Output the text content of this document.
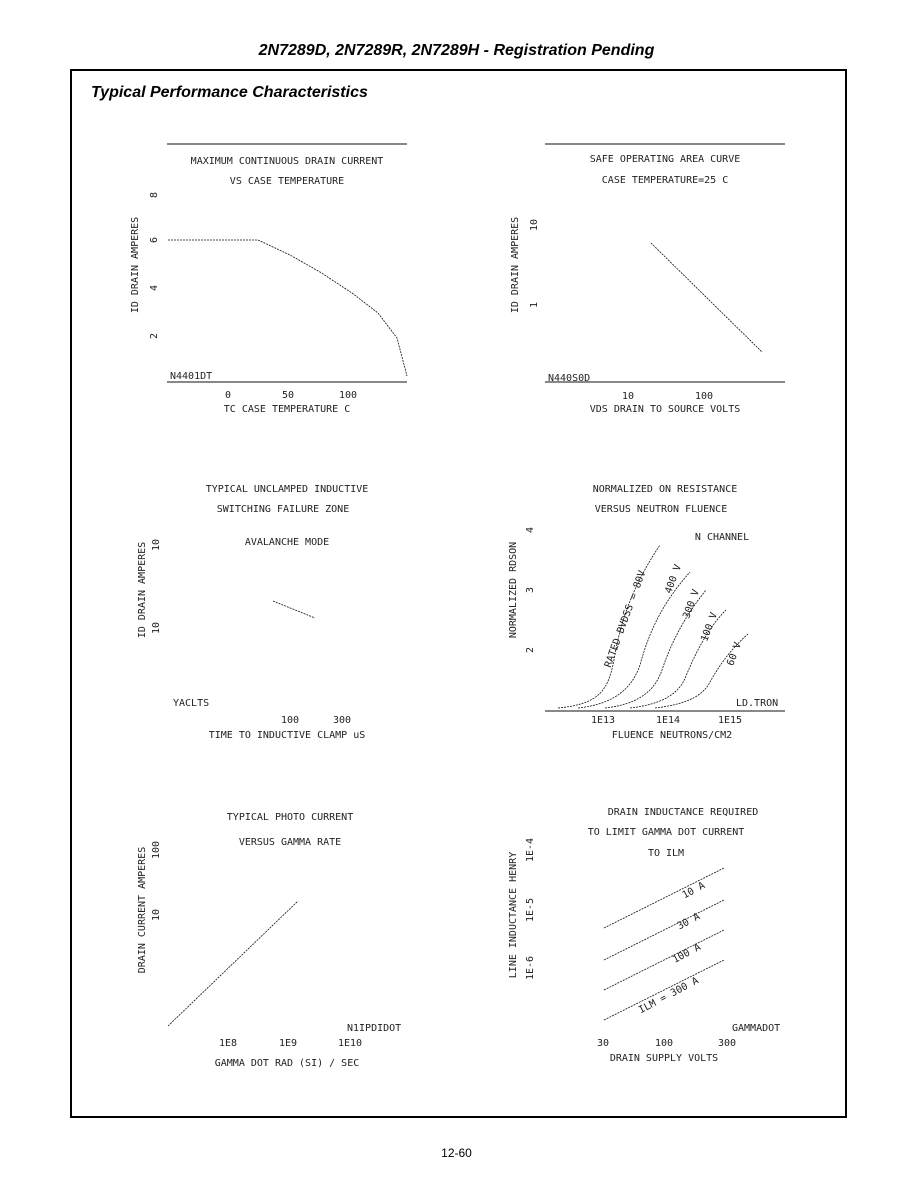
2N7289D, 2N7289R, 2N7289H - Registration Pending
Typical Performance Characteristics
MAXIMUM CONTINUOUS DRAIN CURRENT
VS CASE TEMPERATURE
ID DRAIN AMPERES
8
6
4
2
N4401DT
0	50	100
TC CASE TEMPERATURE C
SAFE OPERATING AREA CURVE
CASE TEMPERATURE=25 C
ID DRAIN AMPERES 10
1
N440S0D
10	100
VDS DRAIN TO SOURCE VOLTS
TYPICAL UNCLAMPED INDUCTIVE
SWITCHING FAILURE ZONE
AVALANCHE MODE
ID DRAIN AMPERES 10
10
YACLTS
100	300
TIME TO INDUCTIVE CLAMP uS
NORMALIZED ON RESISTANCE
VERSUS NEUTRON FLUENCE
N CHANNEL
NORMALIZED RDSON
4
3
2	RATED BVDSS = 80V 400 V
300 V
100 V
60 V
LD.TRON
1E13	1E14	1E15
FLUENCE NEUTRONS/CM2
TYPICAL PHOTO CURRENT
VERSUS GAMMA RATE
DRAIN CURRENT AMPERES 100
10
N1IPDIDOT
1E8	1E9	1E10
GAMMA DOT RAD (SI) / SEC
DRAIN INDUCTANCE REQUIRED
TO LIMIT GAMMA DOT CURRENT
TO ILM
LINE INDUCTANCE HENRY
1E-4
1E-5
1E-6
10 A
30 A
100 A
ILM = 300 A
GAMMADOT
30	100	300
DRAIN SUPPLY VOLTS
12-60
